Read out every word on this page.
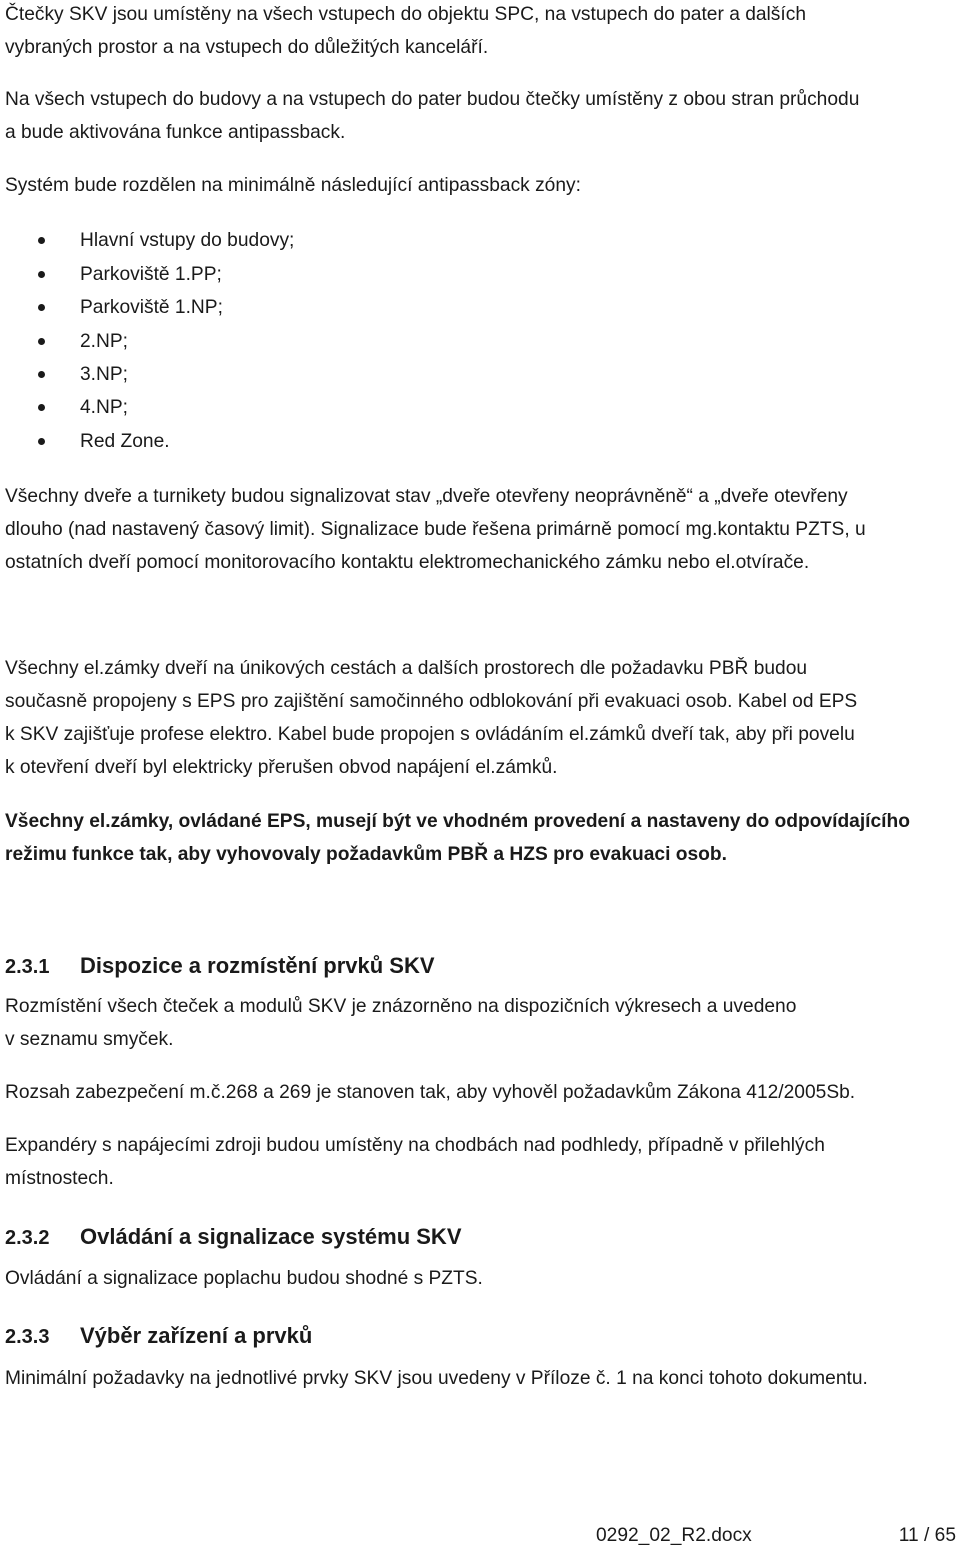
Čtečky SKV jsou umístěny na všech vstupech do objektu SPC, na vstupech do pater a dalších
vybraných prostor a na vstupech do důležitých kanceláří.
Na všech vstupech do budovy a na vstupech do pater budou čtečky umístěny z obou stran průchodu
a bude aktivována funkce antipassback.
Systém bude rozdělen na minimálně následující antipassback zóny:
Hlavní vstupy do budovy;
Parkoviště 1.PP;
Parkoviště 1.NP;
2.NP;
3.NP;
4.NP;
Red Zone.
Všechny dveře a turnikety budou signalizovat stav „dveře otevřeny neoprávněně“ a „dveře otevřeny
dlouho (nad nastavený časový limit). Signalizace bude řešena primárně pomocí mg.kontaktu PZTS, u
ostatních dveří pomocí monitorovacího kontaktu elektromechanického zámku nebo el.otvírače.
Všechny el.zámky dveří na únikových cestách a dalších prostorech dle požadavku PBŘ budou
současně propojeny s EPS pro zajištění samočinného odblokování při evakuaci osob. Kabel od EPS
k SKV zajišťuje profese elektro. Kabel bude propojen s ovládáním el.zámků dveří tak, aby při povelu
k otevření dveří byl elektricky přerušen obvod napájení el.zámků.
Všechny el.zámky, ovládané EPS, musejí být ve vhodném provedení a nastaveny do odpovídajícího
režimu funkce tak, aby vyhovovaly požadavkům PBŘ a HZS pro evakuaci osob.
2.3.1 Dispozice a rozmístění prvků SKV
Rozmístění všech čteček a modulů SKV je znázorněno na dispozičních výkresech a uvedeno
v seznamu smyček.
Rozsah zabezpečení m.č.268 a 269 je stanoven tak, aby vyhověl požadavkům Zákona 412/2005Sb.
Expandéry s napájecími zdroji budou umístěny na chodbách nad podhledy, případně v přilehlých
místnostech.
2.3.2 Ovládání a signalizace systému SKV
Ovládání a signalizace poplachu budou shodné s PZTS.
2.3.3 Výběr zařízení a prvků
Minimální požadavky na jednotlivé prvky SKV jsou uvedeny v Příloze č. 1 na konci tohoto dokumentu.
0292_02_R2.docx	11 / 65
